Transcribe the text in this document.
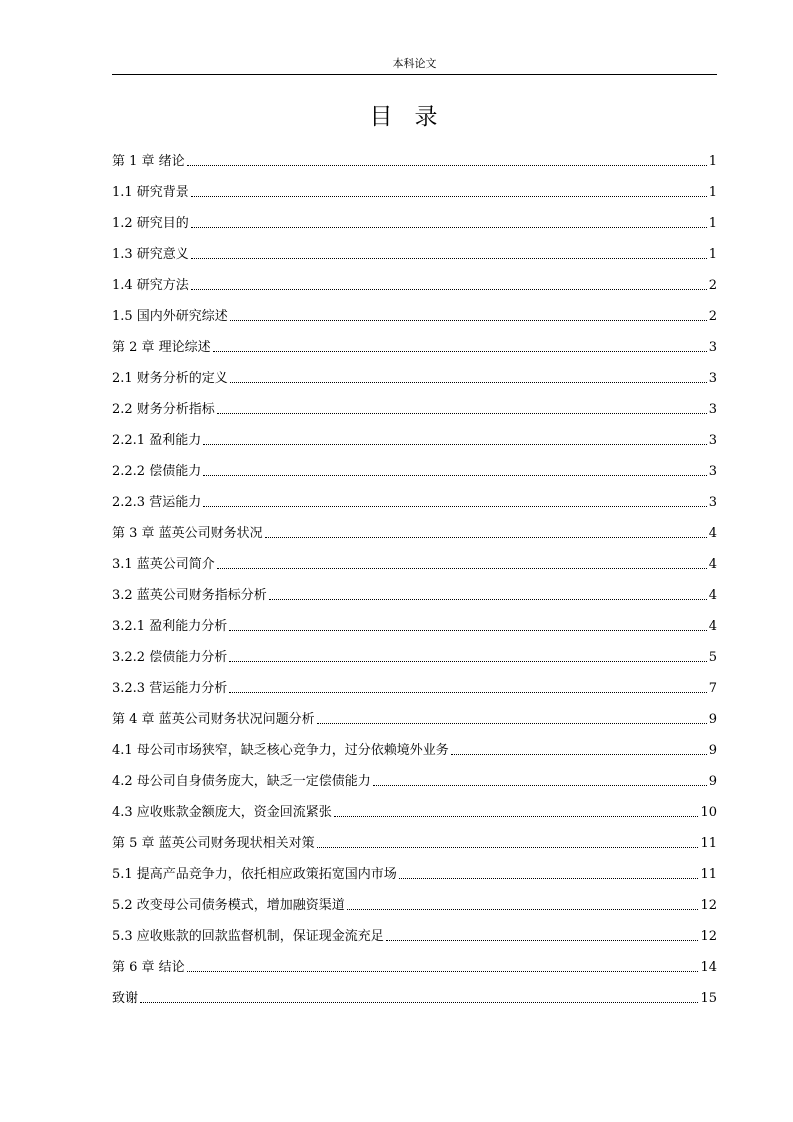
本科论文
目录
第 1 章 绪论	1
1.1 研究背景	1
1.2 研究目的	1
1.3 研究意义	1
1.4 研究方法	2
1.5 国内外研究综述	2
第 2 章 理论综述	3
2.1 财务分析的定义	3
2.2 财务分析指标	3
2.2.1 盈利能力	3
2.2.2 偿债能力	3
2.2.3 营运能力	3
第 3 章 蓝英公司财务状况	4
3.1 蓝英公司简介	4
3.2 蓝英公司财务指标分析	4
3.2.1 盈利能力分析	4
3.2.2 偿债能力分析	5
3.2.3 营运能力分析	7
第 4 章 蓝英公司财务状况问题分析	9
4.1 母公司市场狭窄，缺乏核心竞争力，过分依赖境外业务	9
4.2 母公司自身债务庞大，缺乏一定偿债能力	9
4.3 应收账款金额庞大，资金回流紧张	10
第 5 章 蓝英公司财务现状相关对策	11
5.1 提高产品竞争力，依托相应政策拓宽国内市场	11
5.2 改变母公司债务模式，增加融资渠道	12
5.3 应收账款的回款监督机制，保证现金流充足	12
第 6 章 结论	14
致谢	15
